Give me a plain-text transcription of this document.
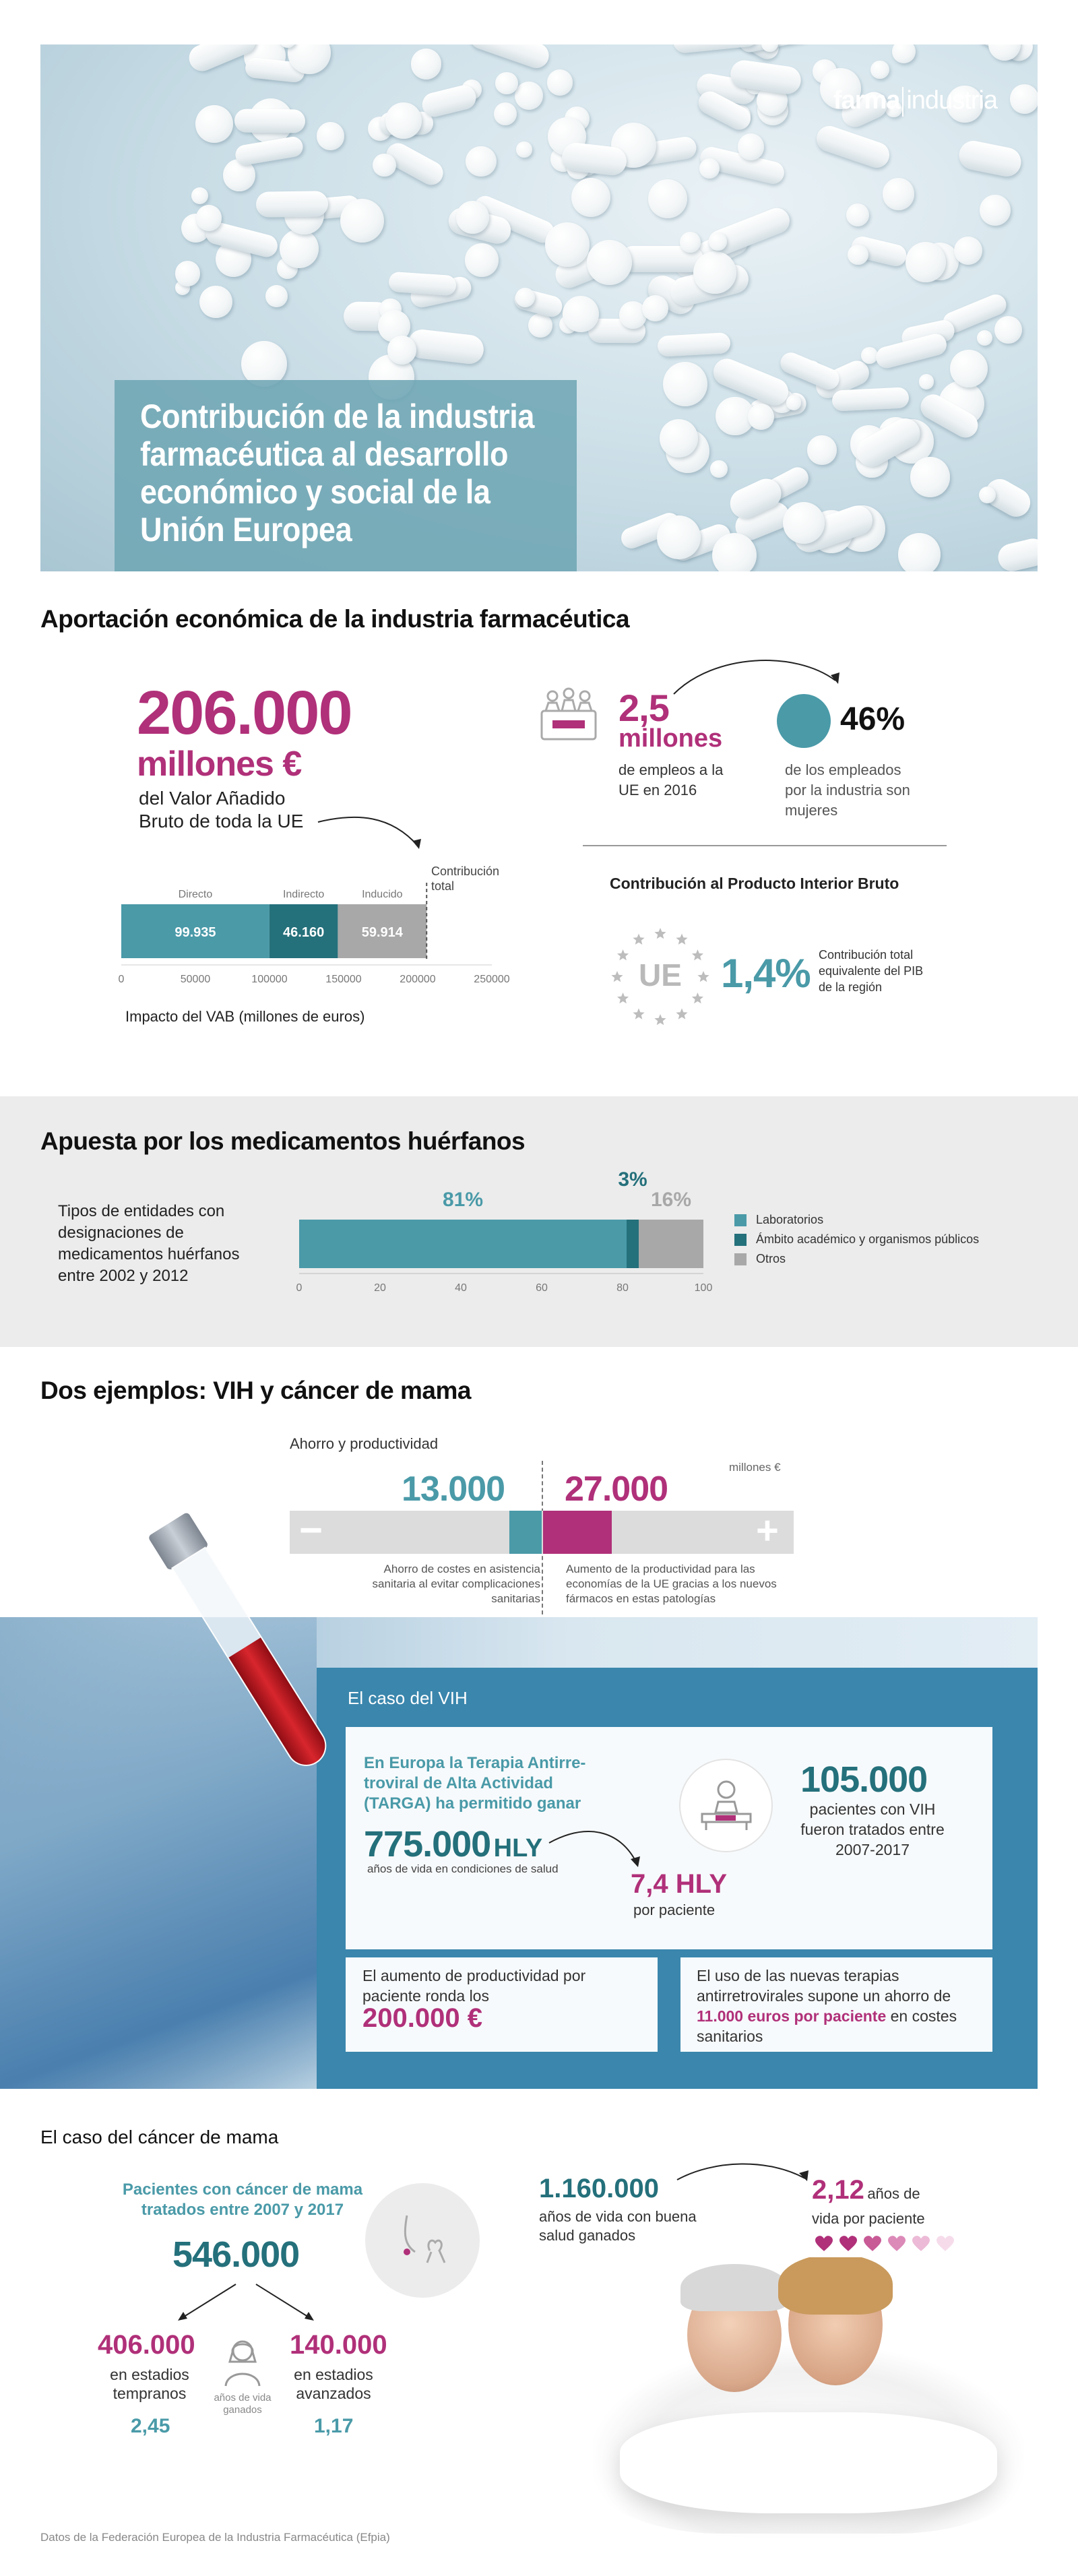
farma industria
Contribución de la industria farmacéutica al desarrollo económico y social de la Unión Europea
Aportación económica de la industria farmacéutica
206.000
millones €
del Valor Añadido
Bruto de toda la UE
Contribución total
99.935
Directo
46.160
Indirecto
59.914
Inducido
0	50000	100000	150000	200000	250000
Impacto del VAB (millones de euros)
2,5
millones
de empleos a la UE en 2016
46%
de los empleados por la industria son mujeres
Contribución al Producto Interior Bruto
UE 1,4% Contribución total equivalente del PIB de la región
Apuesta por los medicamentos huérfanos
Tipos de entidades con designaciones de medicamentos huérfanos entre 2002 y 2012
81%
3%
16%
0	20	40	60	80	100
Laboratorios
Ámbito académico y organismos públicos
Otros
Dos ejemplos: VIH y cáncer de mama
Ahorro y productividad
millones €
13.000 27.000
−	+
Ahorro de costes en asistencia sanitaria al evitar complicaciones sanitarias
Aumento de la productividad para las economías de la UE gracias a los nuevos fármacos en estas patologías
El caso del VIH
En Europa la Terapia Antirre- troviral de Alta Actividad (TARGA) ha permitido ganar
775.000 HLY
años de vida en condiciones de salud
7,4 HLY
por paciente
105.000
pacientes con VIH fueron tratados entre 2007-2017
El aumento de productividad por paciente ronda los
200.000 €
El uso de las nuevas terapias antirretrovirales supone un ahorro de 11.000 euros por paciente en costes sanitarios
El caso del cáncer de mama
Pacientes con cáncer de mama tratados entre 2007 y 2017
546.000
406.000
en estadios tempranos
2,45
años de vida ganados
140.000
en estadios avanzados
1,17
1.160.000
años de vida con buena salud ganados
2,12 años de
vida por paciente
Datos de la Federación Europea de la Industria Farmacéutica (Efpia)
